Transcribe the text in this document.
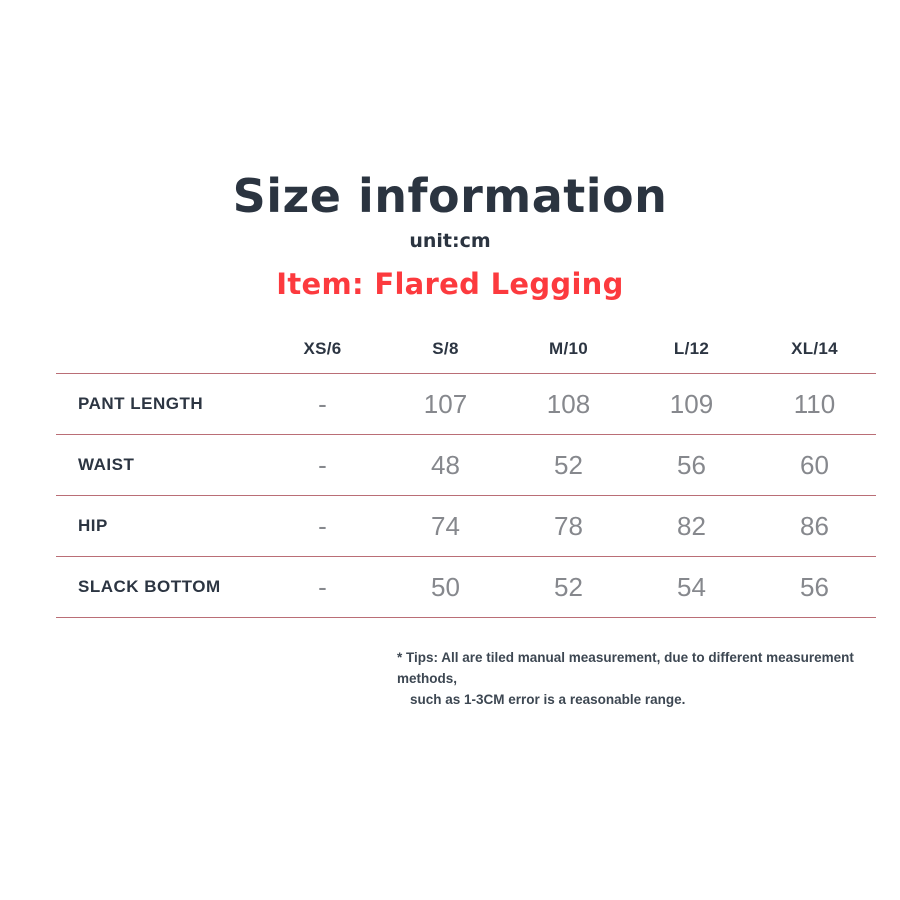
Size information
unit:cm
Item: Flared Legging
	XS/6	S/8	M/10	L/12	XL/14
PANT LENGTH	-	107	108	109	110
WAIST	-	48	52	56	60
HIP	-	74	78	82	86
SLACK BOTTOM	-	50	52	54	56
* Tips: All are tiled manual measurement, due to different measurement methods,
such as 1-3CM error is a reasonable range.
